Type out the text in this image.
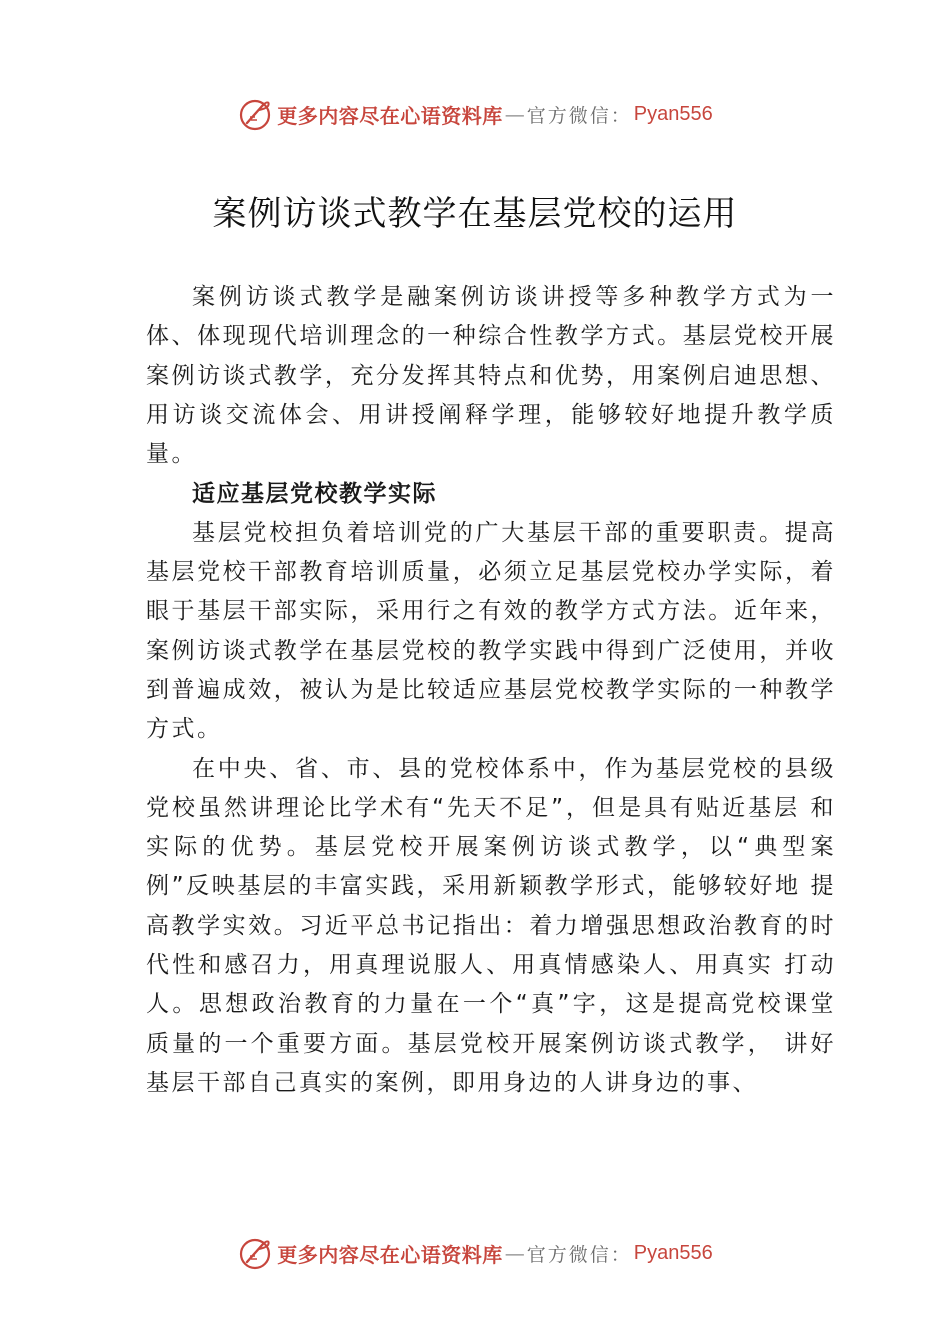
更多内容尽在心语资料库 — 官方微信： Pyan556
案例访谈式教学在基层党校的运用

案例访谈式教学是融案例访谈讲授等多种教学方式为一体、体现现代培训理念的一种综合性教学方式。基层党校开展案例访谈式教学，充分发挥其特点和优势，用案例启迪思想、用访谈交流体会、用讲授阐释学理，能够较好地提升教学质量。

适应基层党校教学实际

基层党校担负着培训党的广大基层干部的重要职责。提高基层党校干部教育培训质量，必须立足基层党校办学实际，着眼于基层干部实际，采用行之有效的教学方式方法。近年来，案例访谈式教学在基层党校的教学实践中得到广泛使用，并收到普遍成效，被认为是比较适应基层党校教学实际的一种教学方式。

在中央、省、市、县的党校体系中，作为基层党校的县级党校虽然讲理论比学术有“先天不足”，但是具有贴近基层 和实际的优势。基层党校开展案例访谈式教学，以“典型案例”反映基层的丰富实践，采用新颖教学形式，能够较好地 提高教学实效。习近平总书记指出：着力增强思想政治教育的时代性和感召力，用真理说服人、用真情感染人、用真实 打动人。思想政治教育的力量在一个“真”字，这是提高党校课堂质量的一个重要方面。基层党校开展案例访谈式教学， 讲好基层干部自己真实的案例，即用身边的人讲身边的事、

更多内容尽在心语资料库 — 官方微信： Pyan556
